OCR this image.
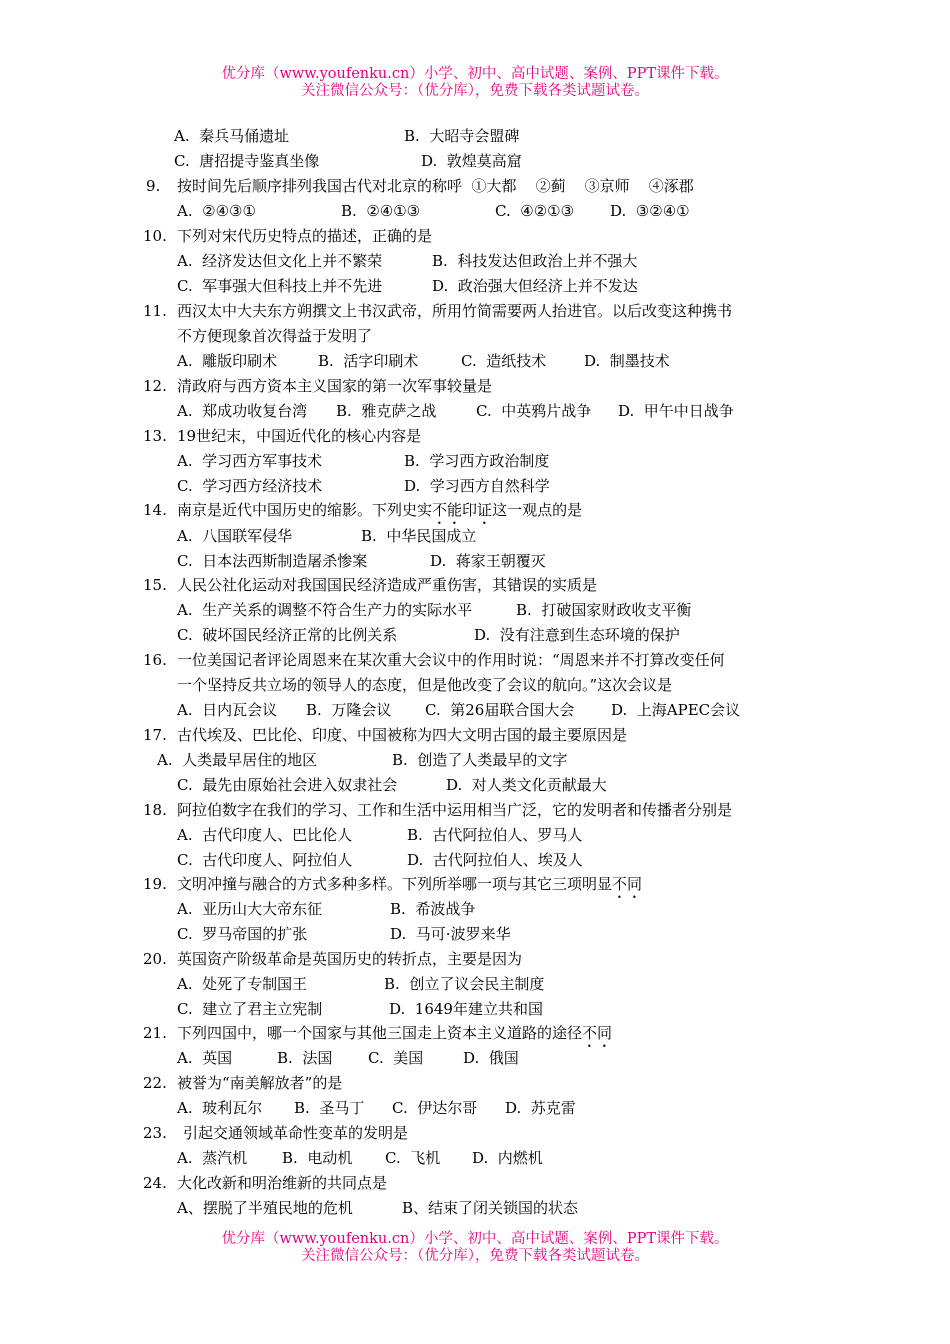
优分库（www.youfenku.cn）小学、初中、高中试题、案例、PPT课件下载。
关注微信公众号：（优分库），免费下载各类试题试卷。
A.  秦兵马俑遗址	B.  大昭寺会盟碑
C.  唐招提寺鉴真坐像	D.  敦煌莫高窟
9. 按时间先后顺序排列我国古代对北京的称呼  ①大都    ②蓟    ③京师    ④涿郡
A.  ②④③①	B.  ②④①③	C.  ④②①③ D.  ③②④①
10. 下列对宋代历史特点的描述，正确的是
A.  经济发达但文化上并不繁荣	B.  科技发达但政治上并不强大
C.  军事强大但科技上并不先进	D.  政治强大但经济上并不发达
11. 西汉太中大夫东方朔撰文上书汉武帝，所用竹简需要两人抬进官。以后改变这种携书
不方便现象首次得益于发明了
A.  雕版印刷术	B.  活字印刷术	C.  造纸技术	D.  制墨技术
12. 清政府与西方资本主义国家的第一次军事较量是
A.  郑成功收复台湾 B.  雅克萨之战	C.  中英鸦片战争 D.  甲午中日战争
13. 19世纪末，中国近代化的核心内容是
A.  学习西方军事技术	B.  学习西方政治制度
C.  学习西方经济技术	D.  学习西方自然科学
14. 南京是近代中国历史的缩影。下列史实不能印证这一观点的是
A.  八国联军侵华	B.  中华民国成立
C.  日本法西斯制造屠杀惨案	D.  蒋家王朝覆灭
15. 人民公社化运动对我国国民经济造成严重伤害，其错误的实质是
A.  生产关系的调整不符合生产力的实际水平	B.  打破国家财政收支平衡
C.  破坏国民经济正常的比例关系	D.  没有注意到生态环境的保护
16. 一位美国记者评论周恩来在某次重大会议中的作用时说：“周恩来并不打算改变任何
一个坚持反共立场的领导人的态度，但是他改变了会议的航向。”这次会议是
A.  日内瓦会议 B.  万隆会议 C.  第26届联合国大会 D.  上海APEC会议
17. 古代埃及、巴比伦、印度、中国被称为四大文明古国的最主要原因是
A.  人类最早居住的地区	B.  创造了人类最早的文字
C.  最先由原始社会进入奴隶社会	D.  对人类文化贡献最大
18. 阿拉伯数字在我们的学习、工作和生活中运用相当广泛，它的发明者和传播者分别是
A.  古代印度人、巴比伦人	B.  古代阿拉伯人、罗马人
C.  古代印度人、阿拉伯人	D.  古代阿拉伯人、埃及人
19. 文明冲撞与融合的方式多种多样。下列所举哪一项与其它三项明显不同
A.  亚历山大大帝东征	B.  希波战争
C.  罗马帝国的扩张	D.  马可·波罗来华
20. 英国资产阶级革命是英国历史的转折点，主要是因为
A.  处死了专制国王	B.  创立了议会民主制度
C.  建立了君主立宪制	D.  1649年建立共和国
21. 下列四国中，哪一个国家与其他三国走上资本主义道路的途径不同
A.  英国	B.  法国 C.  美国	D.  俄国
22. 被誉为“南美解放者”的是
A.  玻利瓦尔 B.  圣马丁 C.  伊达尔哥 D.  苏克雷
23. 引起交通领域革命性变革的发明是
A.  蒸汽机 B.  电动机 C.  飞机 D.  内燃机
24. 大化改新和明治维新的共同点是
A、摆脱了半殖民地的危机	B、结束了闭关锁国的状态
优分库（www.youfenku.cn）小学、初中、高中试题、案例、PPT课件下载。
关注微信公众号：（优分库），免费下载各类试题试卷。
